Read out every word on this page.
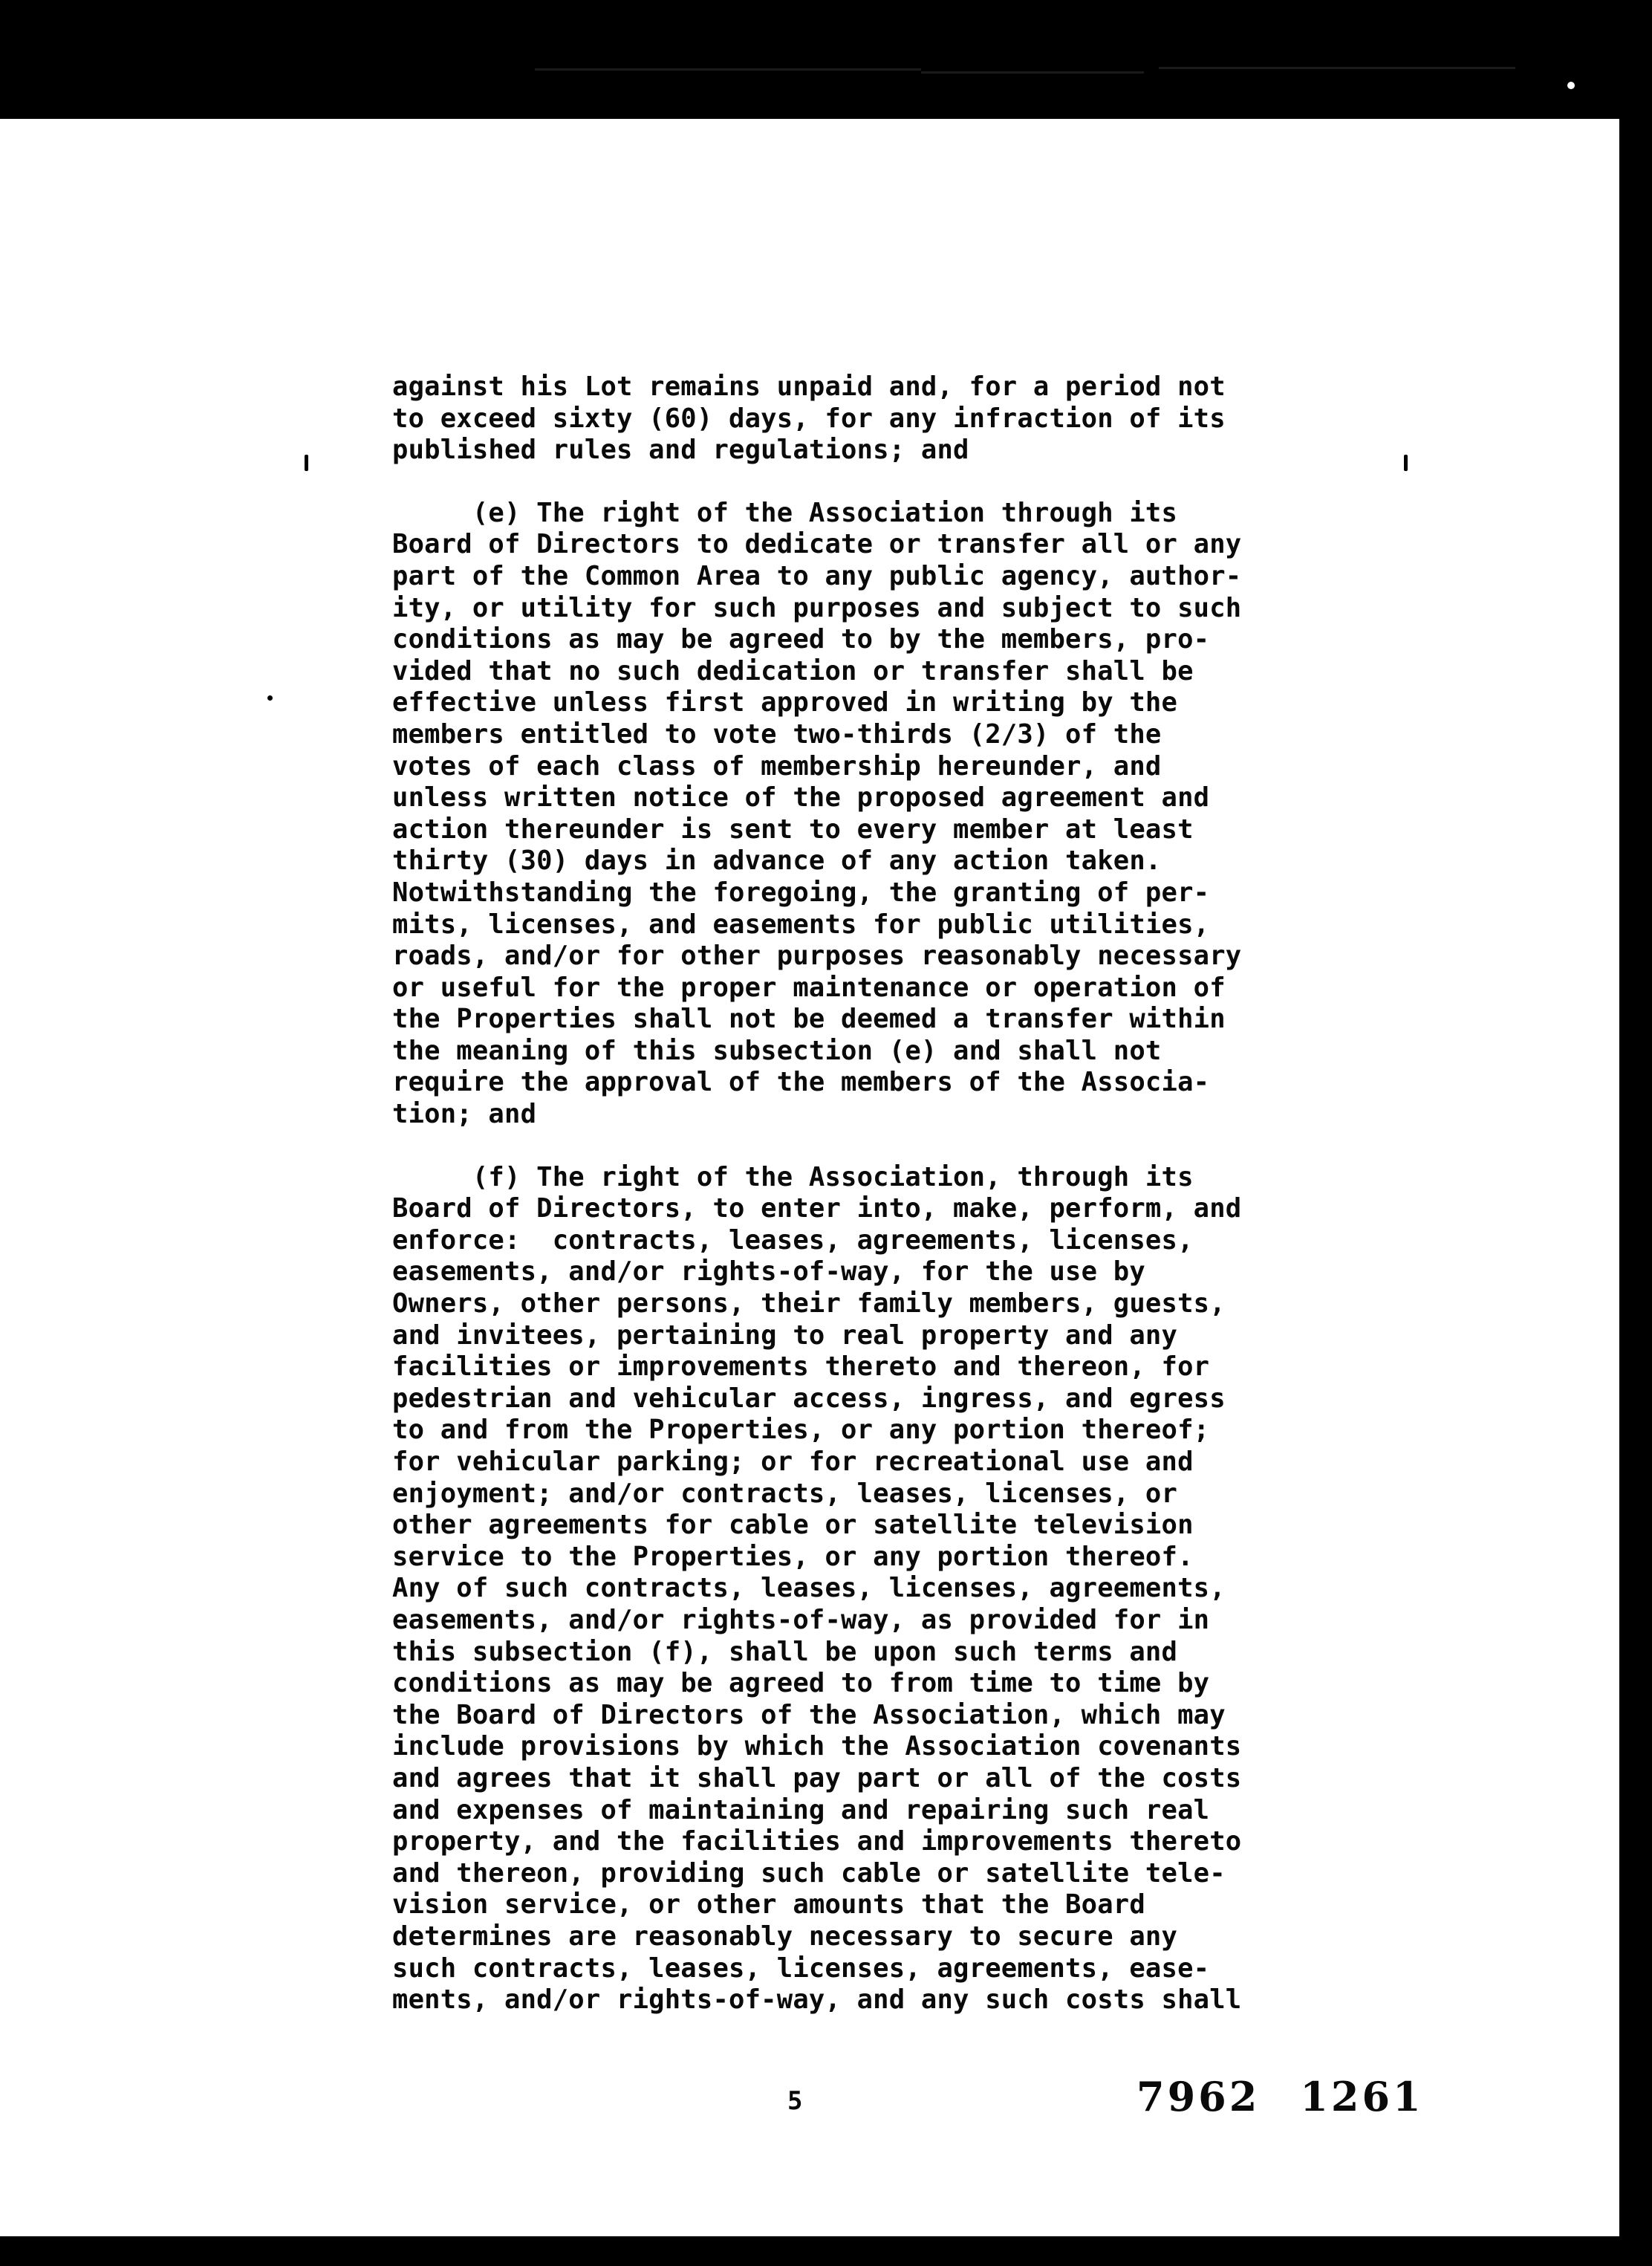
against his Lot remains unpaid and, for a period not
to exceed sixty (60) days, for any infraction of its
published rules and regulations; and
(e) The right of the Association through its
Board of Directors to dedicate or transfer all or any
part of the Common Area to any public agency, author-
ity, or utility for such purposes and subject to such
conditions as may be agreed to by the members, pro-
vided that no such dedication or transfer shall be
effective unless first approved in writing by the
members entitled to vote two-thirds (2/3) of the
votes of each class of membership hereunder, and
unless written notice of the proposed agreement and
action thereunder is sent to every member at least
thirty (30) days in advance of any action taken.
Notwithstanding the foregoing, the granting of per-
mits, licenses, and easements for public utilities,
roads, and/or for other purposes reasonably necessary
or useful for the proper maintenance or operation of
the Properties shall not be deemed a transfer within
the meaning of this subsection (e) and shall not
require the approval of the members of the Associa-
tion; and
(f) The right of the Association, through its
Board of Directors, to enter into, make, perform, and
enforce:  contracts, leases, agreements, licenses,
easements, and/or rights-of-way, for the use by
Owners, other persons, their family members, guests,
and invitees, pertaining to real property and any
facilities or improvements thereto and thereon, for
pedestrian and vehicular access, ingress, and egress
to and from the Properties, or any portion thereof;
for vehicular parking; or for recreational use and
enjoyment; and/or contracts, leases, licenses, or
other agreements for cable or satellite television
service to the Properties, or any portion thereof.
Any of such contracts, leases, licenses, agreements,
easements, and/or rights-of-way, as provided for in
this subsection (f), shall be upon such terms and
conditions as may be agreed to from time to time by
the Board of Directors of the Association, which may
include provisions by which the Association covenants
and agrees that it shall pay part or all of the costs
and expenses of maintaining and repairing such real
property, and the facilities and improvements thereto
and thereon, providing such cable or satellite tele-
vision service, or other amounts that the Board
determines are reasonably necessary to secure any
such contracts, leases, licenses, agreements, ease-
ments, and/or rights-of-way, and any such costs shall
5	7962 1261
